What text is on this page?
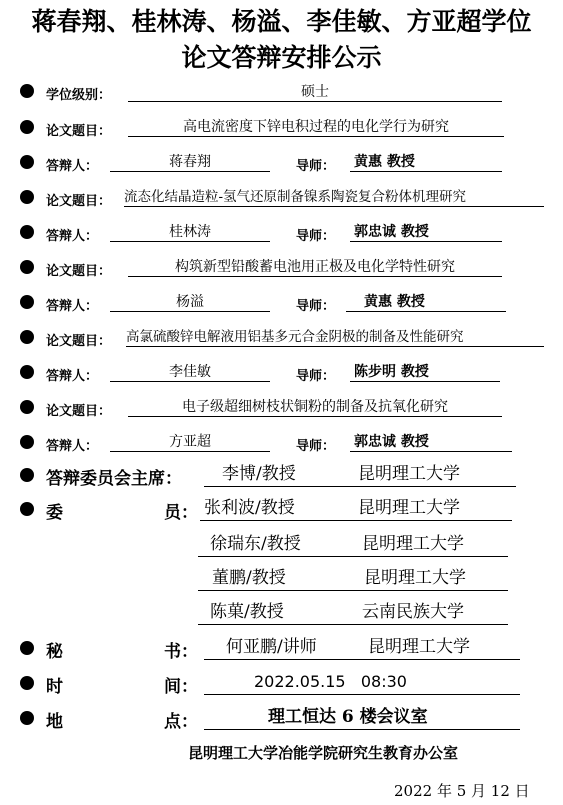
蒋春翔、桂林涛、杨溢、李佳敏、方亚超学位
论文答辩安排公示
学位级别：	硕士
论文题目：	高电流密度下锌电积过程的电化学行为研究
答辩人：	蒋春翔	导师： 黄惠 教授
论文题目： 流态化结晶造粒-氢气还原制备镍系陶瓷复合粉体机理研究
答辩人：	桂林涛	导师： 郭忠诚 教授
论文题目：	构筑新型铅酸蓄电池用正极及电化学特性研究
答辩人：	杨溢	导师：	黄惠 教授
论文题目： 高氯硫酸锌电解液用铝基多元合金阴极的制备及性能研究
答辩人：	李佳敏	导师： 陈步明 教授
论文题目：	电子级超细树枝状铜粉的制备及抗氧化研究
答辩人：	方亚超	导师： 郭忠诚 教授
答辩委员会主席： 李博/教授	昆明理工大学
委	员： 张利波/教授	昆明理工大学
徐瑞东/教授	昆明理工大学
董鹏/教授	昆明理工大学
陈菓/教授	云南民族大学
秘	书： 何亚鹏/讲师	昆明理工大学
时	间：	2022.05.15   08:30
地	点：	理工恒达 6 楼会议室
昆明理工大学冶能学院研究生教育办公室
2022 年 5 月 12 日
